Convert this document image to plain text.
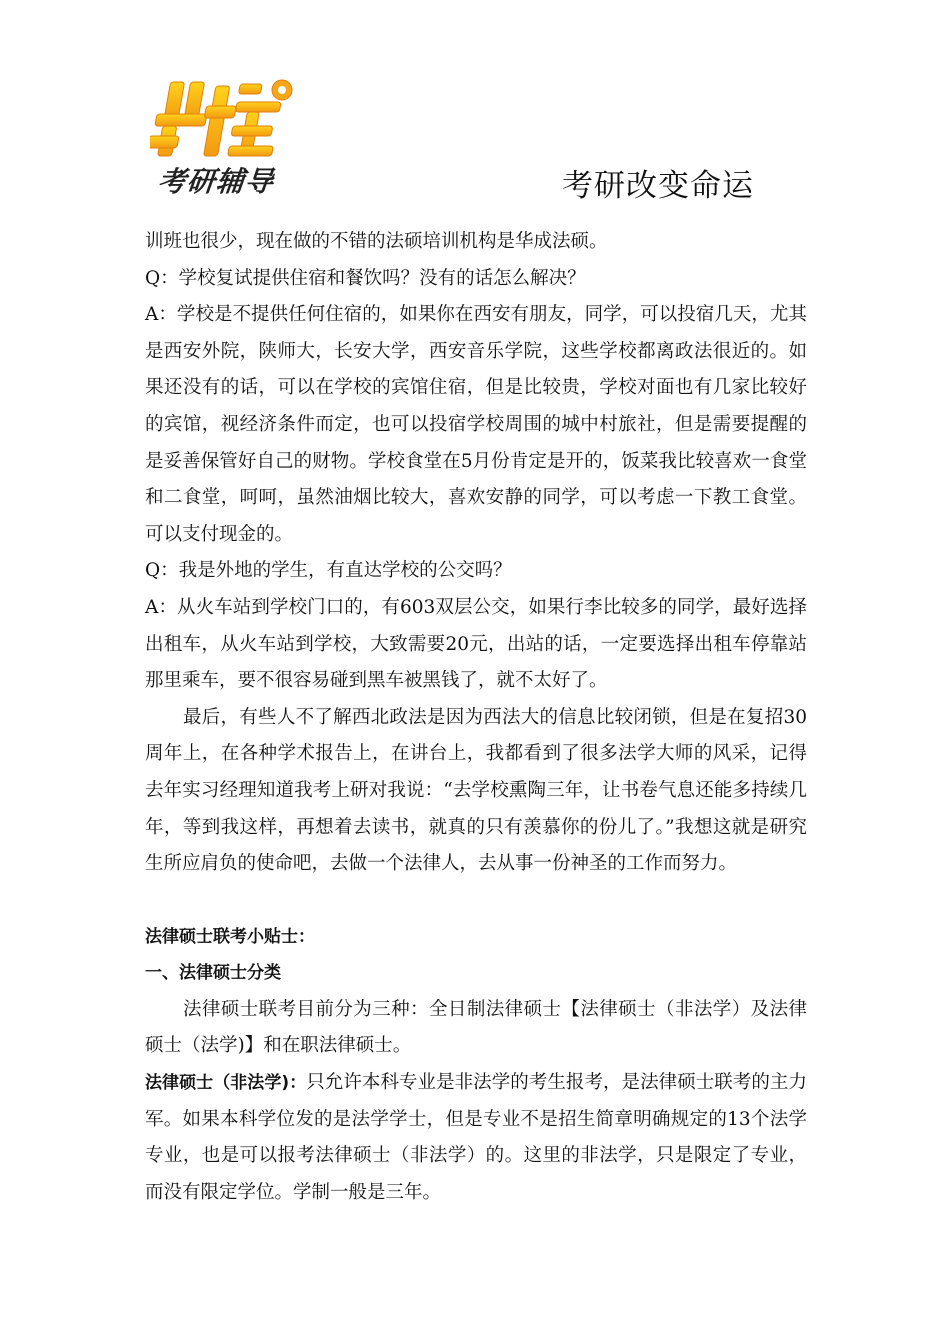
考研辅导	考研改变命运

训班也很少，现在做的不错的法硕培训机构是华成法硕。

Q：学校复试提供住宿和餐饮吗？没有的话怎么解决？

A：学校是不提供任何住宿的，如果你在西安有朋友，同学，可以投宿几天，尤其是西安外院，陕师大，长安大学，西安音乐学院，这些学校都离政法很近的。如果还没有的话，可以在学校的宾馆住宿，但是比较贵，学校对面也有几家比较好的宾馆，视经济条件而定，也可以投宿学校周围的城中村旅社，但是需要提醒的是妥善保管好自己的财物。学校食堂在5月份肯定是开的，饭菜我比较喜欢一食堂和二食堂，呵呵，虽然油烟比较大，喜欢安静的同学，可以考虑一下教工食堂。可以支付现金的。

Q：我是外地的学生，有直达学校的公交吗？

A：从火车站到学校门口的，有603双层公交，如果行李比较多的同学，最好选择出租车，从火车站到学校，大致需要20元，出站的话，一定要选择出租车停靠站那里乘车，要不很容易碰到黑车被黑钱了，就不太好了。

最后，有些人不了解西北政法是因为西法大的信息比较闭锁，但是在复招30周年上，在各种学术报告上，在讲台上，我都看到了很多法学大师的风采，记得去年实习经理知道我考上研对我说：“去学校熏陶三年，让书卷气息还能多持续几年，等到我这样，再想着去读书，就真的只有羡慕你的份儿了。”我想这就是研究生所应肩负的使命吧，去做一个法律人，去从事一份神圣的工作而努力。

法律硕士联考小贴士：

一、法律硕士分类

法律硕士联考目前分为三种：全日制法律硕士【法律硕士（非法学）及法律硕士（法学)】和在职法律硕士。

法律硕士（非法学)：只允许本科专业是非法学的考生报考，是法律硕士联考的主力军。如果本科学位发的是法学学士，但是专业不是招生简章明确规定的13个法学专业，也是可以报考法律硕士（非法学）的。这里的非法学，只是限定了专业，而没有限定学位。学制一般是三年。
